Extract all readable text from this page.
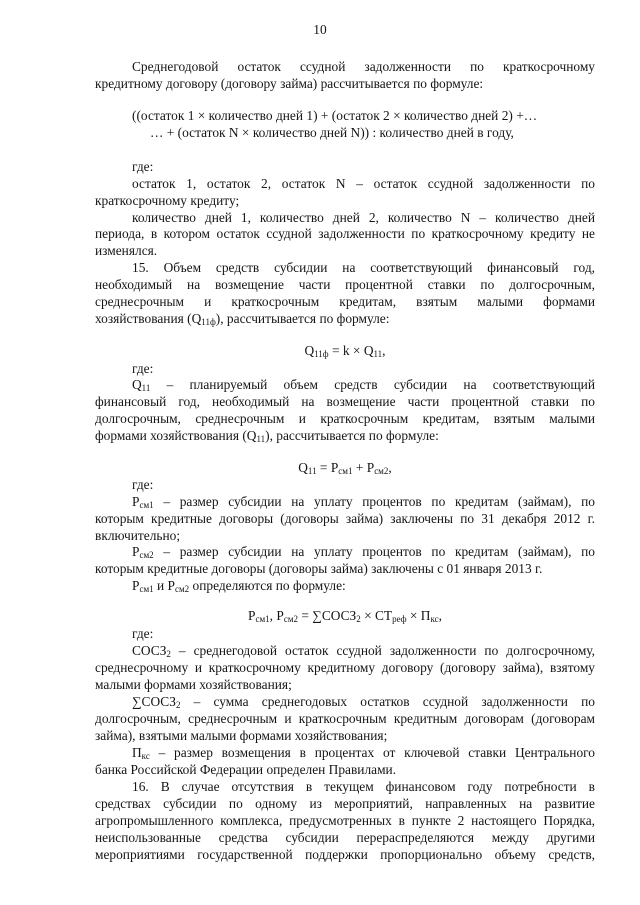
10
Среднегодовой остаток ссудной задолженности по краткосрочному
кредитному договору (договору займа) рассчитывается по формуле:
((остаток 1 × количество дней 1) + (остаток 2 × количество дней 2) +…
… + (остаток N × количество дней N)) : количество дней в году,
где:
остаток 1, остаток 2, остаток N – остаток ссудной задолженности по
краткосрочному кредиту;
количество дней 1, количество дней 2, количество N – количество дней
периода, в котором остаток ссудной задолженности по краткосрочному кредиту не
изменялся.
15. Объем средств субсидии на соответствующий финансовый год,
необходимый на возмещение части процентной ставки по долгосрочным,
среднесрочным и краткосрочным кредитам, взятым малыми формами
хозяйствования $(Q_{11ф})$, рассчитывается по формуле:
$Q_{11ф} = k \times Q_{11}$,
где:
$Q_{11}$ – планируемый объем средств субсидии на соответствующий
финансовый год, необходимый на возмещение части процентной ставки по
долгосрочным, среднесрочным и краткосрочным кредитам, взятым малыми
формами хозяйствования $(Q_{11})$, рассчитывается по формуле:
$Q_{11} = P_{см1} + P_{см2}$,
где:
$P_{см1}$ – размер субсидии на уплату процентов по кредитам (займам), по
которым кредитные договоры (договоры займа) заключены по 31 декабря 2012 г.
включительно;
$P_{см2}$ – размер субсидии на уплату процентов по кредитам (займам), по
которым кредитные договоры (договоры займа) заключены с 01 января 2013 г.
$P_{см1}$ и $P_{см2}$ определяются по формуле:
$P_{см1}$, $P_{см2}$ = $\sum СОСЗ_2 \times СТ_{реф} \times П_{кс}$,
где:
$СОСЗ_2$ – среднегодовой остаток ссудной задолженности по долгосрочному,
среднесрочному и краткосрочному кредитному договору (договору займа), взятому
малыми формами хозяйствования;
$\sum СОСЗ_2$ – сумма среднегодовых остатков ссудной задолженности по
долгосрочным, среднесрочным и краткосрочным кредитным договорам (договорам
займа), взятыми малыми формами хозяйствования;
$П_{кс}$ – размер возмещения в процентах от ключевой ставки Центрального
банка Российской Федерации определен Правилами.
16. В случае отсутствия в текущем финансовом году потребности в
средствах субсидии по одному из мероприятий, направленных на развитие
агропромышленного комплекса, предусмотренных в пункте 2 настоящего Порядка,
неиспользованные средства субсидии перераспределяются между другими
мероприятиями государственной поддержки пропорционально объему средств,
